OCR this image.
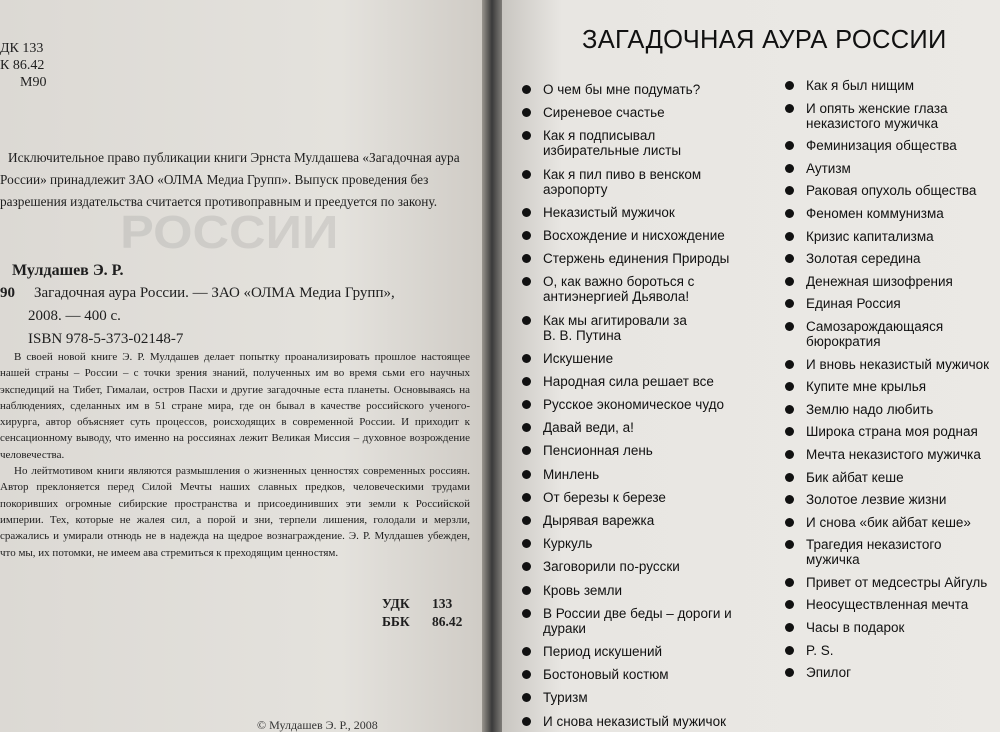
РОССИИ
ДК 133
К 86.42
М90
Исключительное право публикации книги Эрнста Мулдашева «Загадочная аура России» принадлежит ЗАО «ОЛМА Медиа Групп». Выпуск проведения без разрешения издательства считается противоправным и преедуется по закону.
Мулдашев Э. Р.
90 Загадочная аура России. — ЗАО «ОЛМА Медиа Групп»,
2008. — 400 с.
ISBN 978-5-373-02148-7

В своей новой книге Э. Р. Мулдашев делает попытку проанализировать прошлое настоящее нашей страны – России – с точки зрения знаний, полученных им во время сьми его научных экспедиций на Тибет, Гималаи, остров Пасхи и другие загадочные еста планеты. Основываясь на наблюдениях, сделанных им в 51 стране мира, где он бывал в качестве российского ученого-хирурга, автор объясняет суть процессов, роисходящих в современной России. И приходит к сенсационному выводу, что именно на россиянах лежит Великая Миссия – духовное возрождение человечества.

Но лейтмотивом книги являются размышления о жизненных ценностях современных россиян. Автор преклоняется перед Силой Мечты наших славных предков, человеческими трудами покоривших огромные сибирские пространства и присоединивших эти земли к Российской империи. Тех, которые не жалея сил, а порой и зни, терпели лишения, голодали и мерзли, сражались и умирали отнюдь не в надежда на щедрое вознаграждение. Э. Р. Мулдашев убежден, что мы, их потомки, не имеем ава стремиться к преходящим ценностям.

УДК 133
ББК 86.42
© Мулдашев Э. Р., 2008
ЗАГАДОЧНАЯ АУРА РОССИИ
О чем бы мне подумать?
Сиреневое счастье
Как я подписывал
избирательные листы
Как я пил пиво в венском
аэропорту
Неказистый мужичок
Восхождение и нисхождение
Стержень единения Природы
О, как важно бороться с
антиэнергией Дьявола!
Как мы агитировали за
В. В. Путина
Искушение
Народная сила решает все
Русское экономическое чудо
Давай веди, а!
Пенсионная лень
Минлень
От березы к березе
Дырявая варежка
Куркуль
Заговорили по-русски
Кровь земли
В России две беды – дороги и
дураки
Период искушений
Бостоновый костюм
Туризм
И снова неказистый мужичок
Как я был нищим
И опять женские глаза
неказистого мужичка
Феминизация общества
Аутизм
Раковая опухоль общества
Феномен коммунизма
Кризис капитализма
Золотая середина
Денежная шизофрения
Единая Россия
Самозарождающаяся
бюрократия
И вновь неказистый мужичок
Купите мне крылья
Землю надо любить
Широка страна моя родная
Мечта неказистого мужичка
Бик айбат кеше
Золотое лезвие жизни
И снова «бик айбат кеше»
Трагедия неказистого
мужичка
Привет от медсестры Айгуль
Неосуществленная мечта
Часы в подарок
P. S.
Эпилог
